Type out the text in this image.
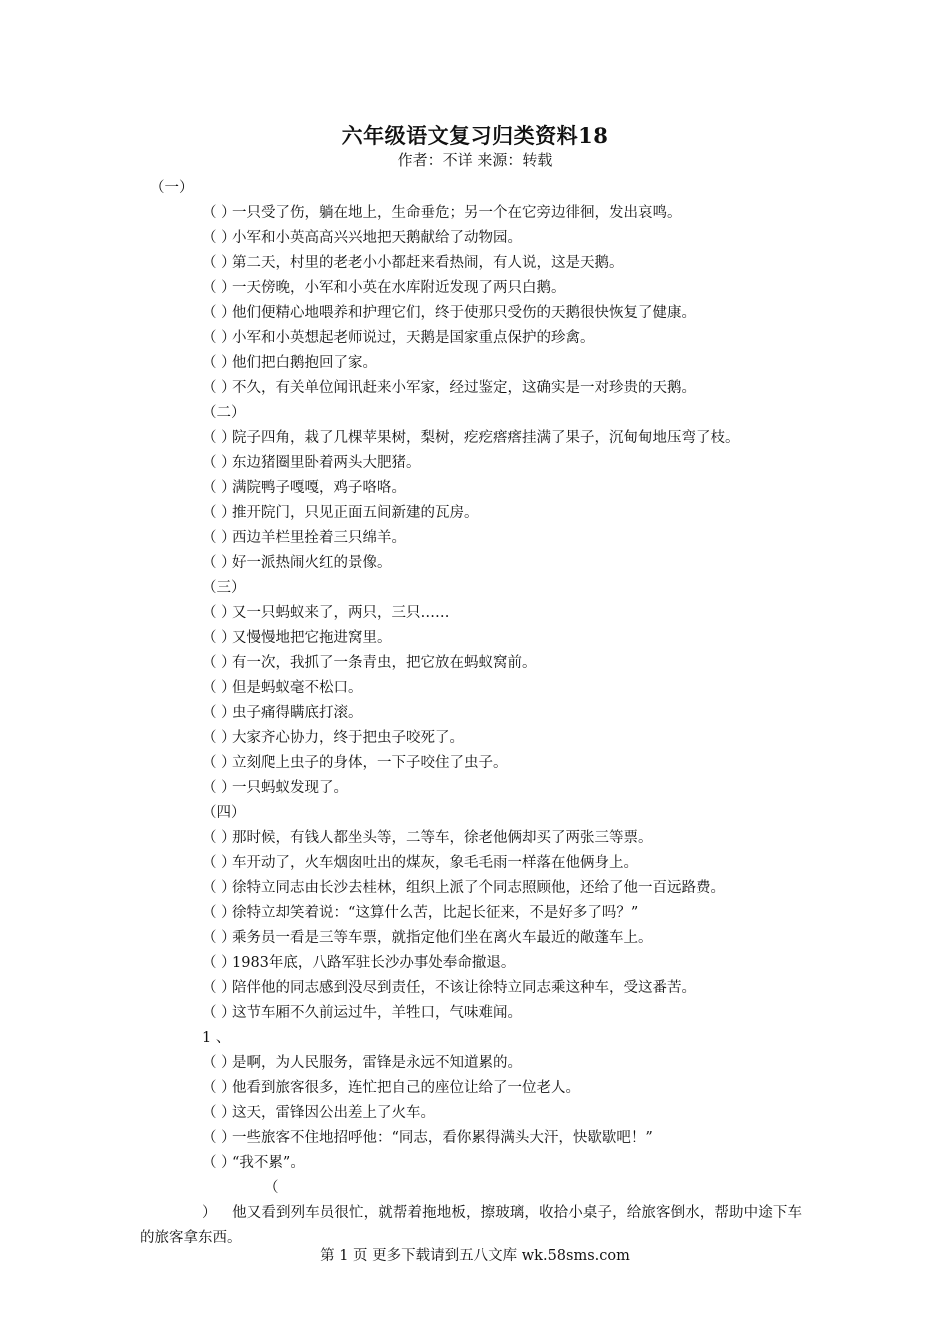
六年级语文复习归类资料18
作者：不详 来源：转载
（一）
（ ）一只受了伤，躺在地上，生命垂危；另一个在它旁边徘徊，发出哀鸣。
（ ）小军和小英高高兴兴地把天鹅献给了动物园。
（ ）第二天，村里的老老小小都赶来看热闹，有人说，这是天鹅。
（ ）一天傍晚，小军和小英在水库附近发现了两只白鹅。
（ ）他们便精心地喂养和护理它们，终于使那只受伤的天鹅很快恢复了健康。
（ ）小军和小英想起老师说过，天鹅是国家重点保护的珍禽。
（ ）他们把白鹅抱回了家。
（ ）不久，有关单位闻讯赶来小军家，经过鉴定，这确实是一对珍贵的天鹅。
（二）
（ ）院子四角，栽了几棵苹果树，梨树，疙疙瘩瘩挂满了果子，沉甸甸地压弯了枝。
（ ）东边猪圈里卧着两头大肥猪。
（ ）满院鸭子嘎嘎，鸡子咯咯。
（ ）推开院门，只见正面五间新建的瓦房。
（ ）西边羊栏里拴着三只绵羊。
（ ）好一派热闹火红的景像。
（三）
（ ）又一只蚂蚁来了，两只，三只……
（ ）又慢慢地把它拖进窝里。
（ ）有一次，我抓了一条青虫，把它放在蚂蚁窝前。
（ ）但是蚂蚁毫不松口。
（ ）虫子痛得瞒底打滚。
（ ）大家齐心协力，终于把虫子咬死了。
（ ）立刻爬上虫子的身体，一下子咬住了虫子。
（ ）一只蚂蚁发现了。
（四）
（ ）那时候，有钱人都坐头等，二等车，徐老他俩却买了两张三等票。
（ ）车开动了，火车烟囱吐出的煤灰，象毛毛雨一样落在他俩身上。
（ ）徐特立同志由长沙去桂林，组织上派了个同志照顾他，还给了他一百远路费。
（ ）徐特立却笑着说：“这算什么苦，比起长征来，不是好多了吗？”
（ ）乘务员一看是三等车票，就指定他们坐在离火车最近的敞蓬车上。
（ ）1983年底，八路军驻长沙办事处奉命撤退。
（ ）陪伴他的同志感到没尽到责任，不该让徐特立同志乘这种车，受这番苦。
（ ）这节车厢不久前运过牛，羊牲口，气味难闻。
1 、
（ ）是啊，为人民服务，雷锋是永远不知道累的。
（ ）他看到旅客很多，连忙把自己的座位让给了一位老人。
（ ）这天，雷锋因公出差上了火车。
（ ）一些旅客不住地招呼他：“同志，看你累得满头大汗，快歇歇吧！”
（ ）“我不累”。
（ ） 他又看到列车员很忙，就帮着拖地板，擦玻璃，收拾小桌子，给旅客倒水，帮助中途下车的旅客拿东西。
第 1 页 更多下载请到五八文库 wk.58sms.com
